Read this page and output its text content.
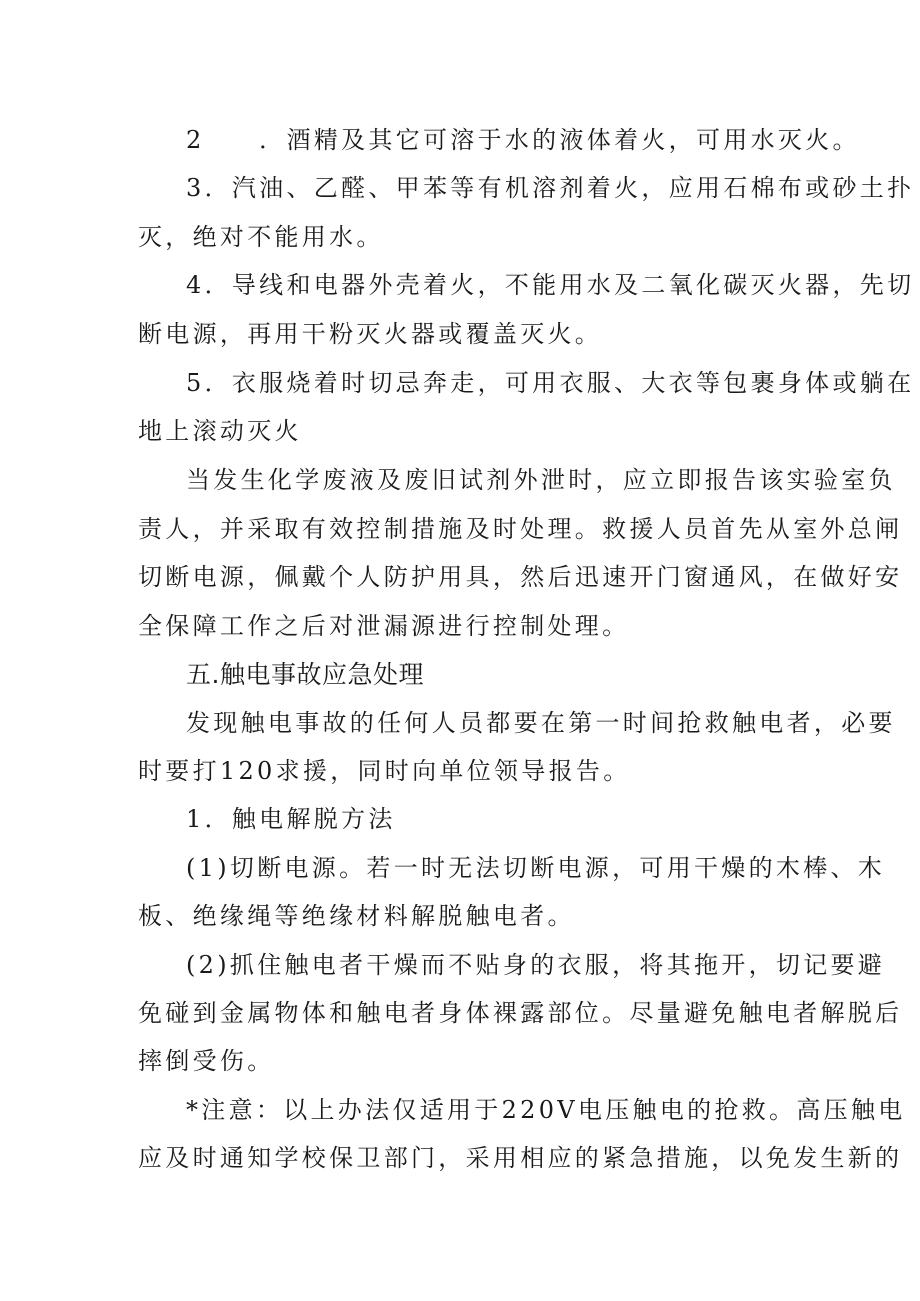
2　　．酒精及其它可溶于水的液体着火，可用水灭火。
3．汽油、乙醛、甲苯等有机溶剂着火，应用石棉布或砂土扑
灭，绝对不能用水。
4．导线和电器外壳着火，不能用水及二氧化碳灭火器，先切
断电源，再用干粉灭火器或覆盖灭火。
5．衣服烧着时切忌奔走，可用衣服、大衣等包裹身体或躺在
地上滚动灭火
当发生化学废液及废旧试剂外泄时，应立即报告该实验室负
责人，并采取有效控制措施及时处理。救援人员首先从室外总闸
切断电源，佩戴个人防护用具，然后迅速开门窗通风，在做好安
全保障工作之后对泄漏源进行控制处理。
五.触电事故应急处理
发现触电事故的任何人员都要在第一时间抢救触电者，必要
时要打120求援，同时向单位领导报告。
1．触电解脱方法
(1)切断电源。若一时无法切断电源，可用干燥的木棒、木
板、绝缘绳等绝缘材料解脱触电者。
(2)抓住触电者干燥而不贴身的衣服，将其拖开，切记要避
免碰到金属物体和触电者身体裸露部位。尽量避免触电者解脱后
摔倒受伤。
*注意：以上办法仅适用于220V电压触电的抢救。高压触电
应及时通知学校保卫部门，采用相应的紧急措施，以免发生新的
